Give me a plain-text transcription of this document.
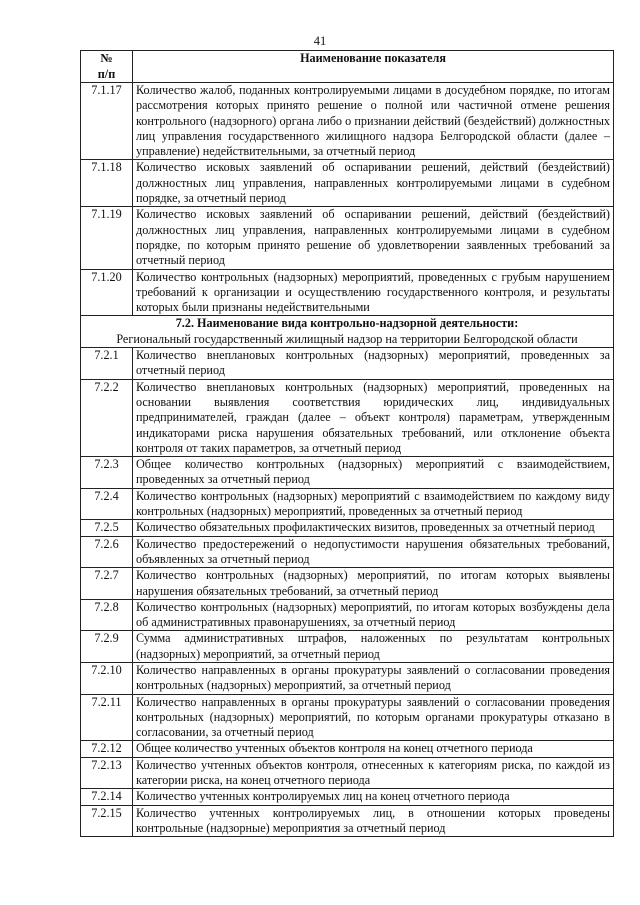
41
№
п/п	Наименование показателя
7.1.17	Количество жалоб, поданных контролируемыми лицами в досудебном порядке, по итогам рассмотрения которых принято решение о полной или частичной отмене решения контрольного (надзорного) органа либо о признании действий (бездействий) должностных лиц управления государственного жилищного надзора Белгородской области (далее – управление) недействительными, за отчетный период
7.1.18	Количество исковых заявлений об оспаривании решений, действий (бездействий) должностных лиц управления, направленных контролируемыми лицами в судебном порядке, за отчетный период
7.1.19	Количество исковых заявлений об оспаривании решений, действий (бездействий) должностных лиц управления, направленных контролируемыми лицами в судебном порядке, по которым принято решение об удовлетворении заявленных требований за отчетный период
7.1.20	Количество контрольных (надзорных) мероприятий, проведенных с грубым нарушением требований к организации и осуществлению государственного контроля, и результаты которых были признаны недействительными

7.2. Наименование вида контрольно-надзорной деятельности:
Региональный государственный жилищный надзор на территории Белгородской области	

7.2.1	Количество внеплановых контрольных (надзорных) мероприятий, проведенных за отчетный период
7.2.2	Количество внеплановых контрольных (надзорных) мероприятий, проведенных на основании выявления соответствия юридических лиц, индивидуальных предпринимателей, граждан (далее – объект контроля) параметрам, утвержденным индикаторами риска нарушения обязательных требований, или отклонение объекта контроля от таких параметров, за отчетный период
7.2.3	Общее количество контрольных (надзорных) мероприятий с взаимодействием, проведенных за отчетный период
7.2.4	Количество контрольных (надзорных) мероприятий с взаимодействием по каждому виду контрольных (надзорных) мероприятий, проведенных за отчетный период
7.2.5	Количество обязательных профилактических визитов, проведенных за отчетный период
7.2.6	Количество предостережений о недопустимости нарушения обязательных требований, объявленных за отчетный период
7.2.7	Количество контрольных (надзорных) мероприятий, по итогам которых выявлены нарушения обязательных требований, за отчетный период
7.2.8	Количество контрольных (надзорных) мероприятий, по итогам которых возбуждены дела об административных правонарушениях, за отчетный период
7.2.9	Сумма административных штрафов, наложенных по результатам контрольных (надзорных) мероприятий, за отчетный период
7.2.10	Количество направленных в органы прокуратуры заявлений о согласовании проведения контрольных (надзорных) мероприятий, за отчетный период
7.2.11	Количество направленных в органы прокуратуры заявлений о согласовании проведения контрольных (надзорных) мероприятий, по которым органами прокуратуры отказано в согласовании, за отчетный период
7.2.12	Общее количество учтенных объектов контроля на конец отчетного периода
7.2.13	Количество учтенных объектов контроля, отнесенных к категориям риска, по каждой из категории риска, на конец отчетного периода
7.2.14	Количество учтенных контролируемых лиц на конец отчетного периода
7.2.15	Количество учтенных контролируемых лиц, в отношении которых проведены контрольные (надзорные) мероприятия за отчетный период
